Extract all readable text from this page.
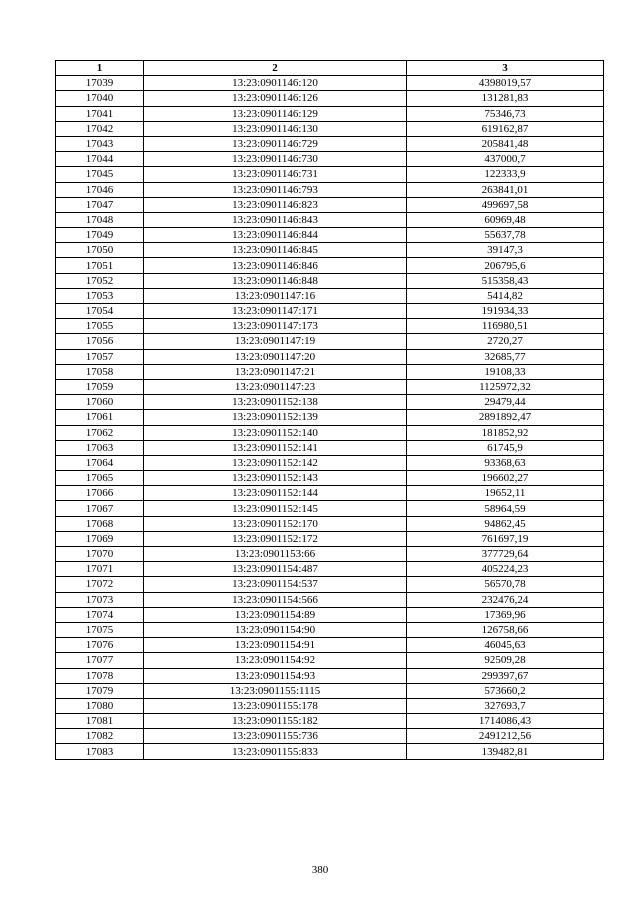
1	2	3
17039	13:23:0901146:120	4398019,57
17040	13:23:0901146:126	131281,83
17041	13:23:0901146:129	75346,73
17042	13:23:0901146:130	619162,87
17043	13:23:0901146:729	205841,48
17044	13:23:0901146:730	437000,7
17045	13:23:0901146:731	122333,9
17046	13:23:0901146:793	263841,01
17047	13:23:0901146:823	499697,58
17048	13:23:0901146:843	60969,48
17049	13:23:0901146:844	55637,78
17050	13:23:0901146:845	39147,3
17051	13:23:0901146:846	206795,6
17052	13:23:0901146:848	515358,43
17053	13:23:0901147:16	5414,82
17054	13:23:0901147:171	191934,33
17055	13:23:0901147:173	116980,51
17056	13:23:0901147:19	2720,27
17057	13:23:0901147:20	32685,77
17058	13:23:0901147:21	19108,33
17059	13:23:0901147:23	1125972,32
17060	13:23:0901152:138	29479,44
17061	13:23:0901152:139	2891892,47
17062	13:23:0901152:140	181852,92
17063	13:23:0901152:141	61745,9
17064	13:23:0901152:142	93368,63
17065	13:23:0901152:143	196602,27
17066	13:23:0901152:144	19652,11
17067	13:23:0901152:145	58964,59
17068	13:23:0901152:170	94862,45
17069	13:23:0901152:172	761697,19
17070	13:23:0901153:66	377729,64
17071	13:23:0901154:487	405224,23
17072	13:23:0901154:537	56570,78
17073	13:23:0901154:566	232476,24
17074	13:23:0901154:89	17369,96
17075	13:23:0901154:90	126758,66
17076	13:23:0901154:91	46045,63
17077	13:23:0901154:92	92509,28
17078	13:23:0901154:93	299397,67
17079	13:23:0901155:1115	573660,2
17080	13:23:0901155:178	327693,7
17081	13:23:0901155:182	1714086,43
17082	13:23:0901155:736	2491212,56
17083	13:23:0901155:833	139482,81
380
